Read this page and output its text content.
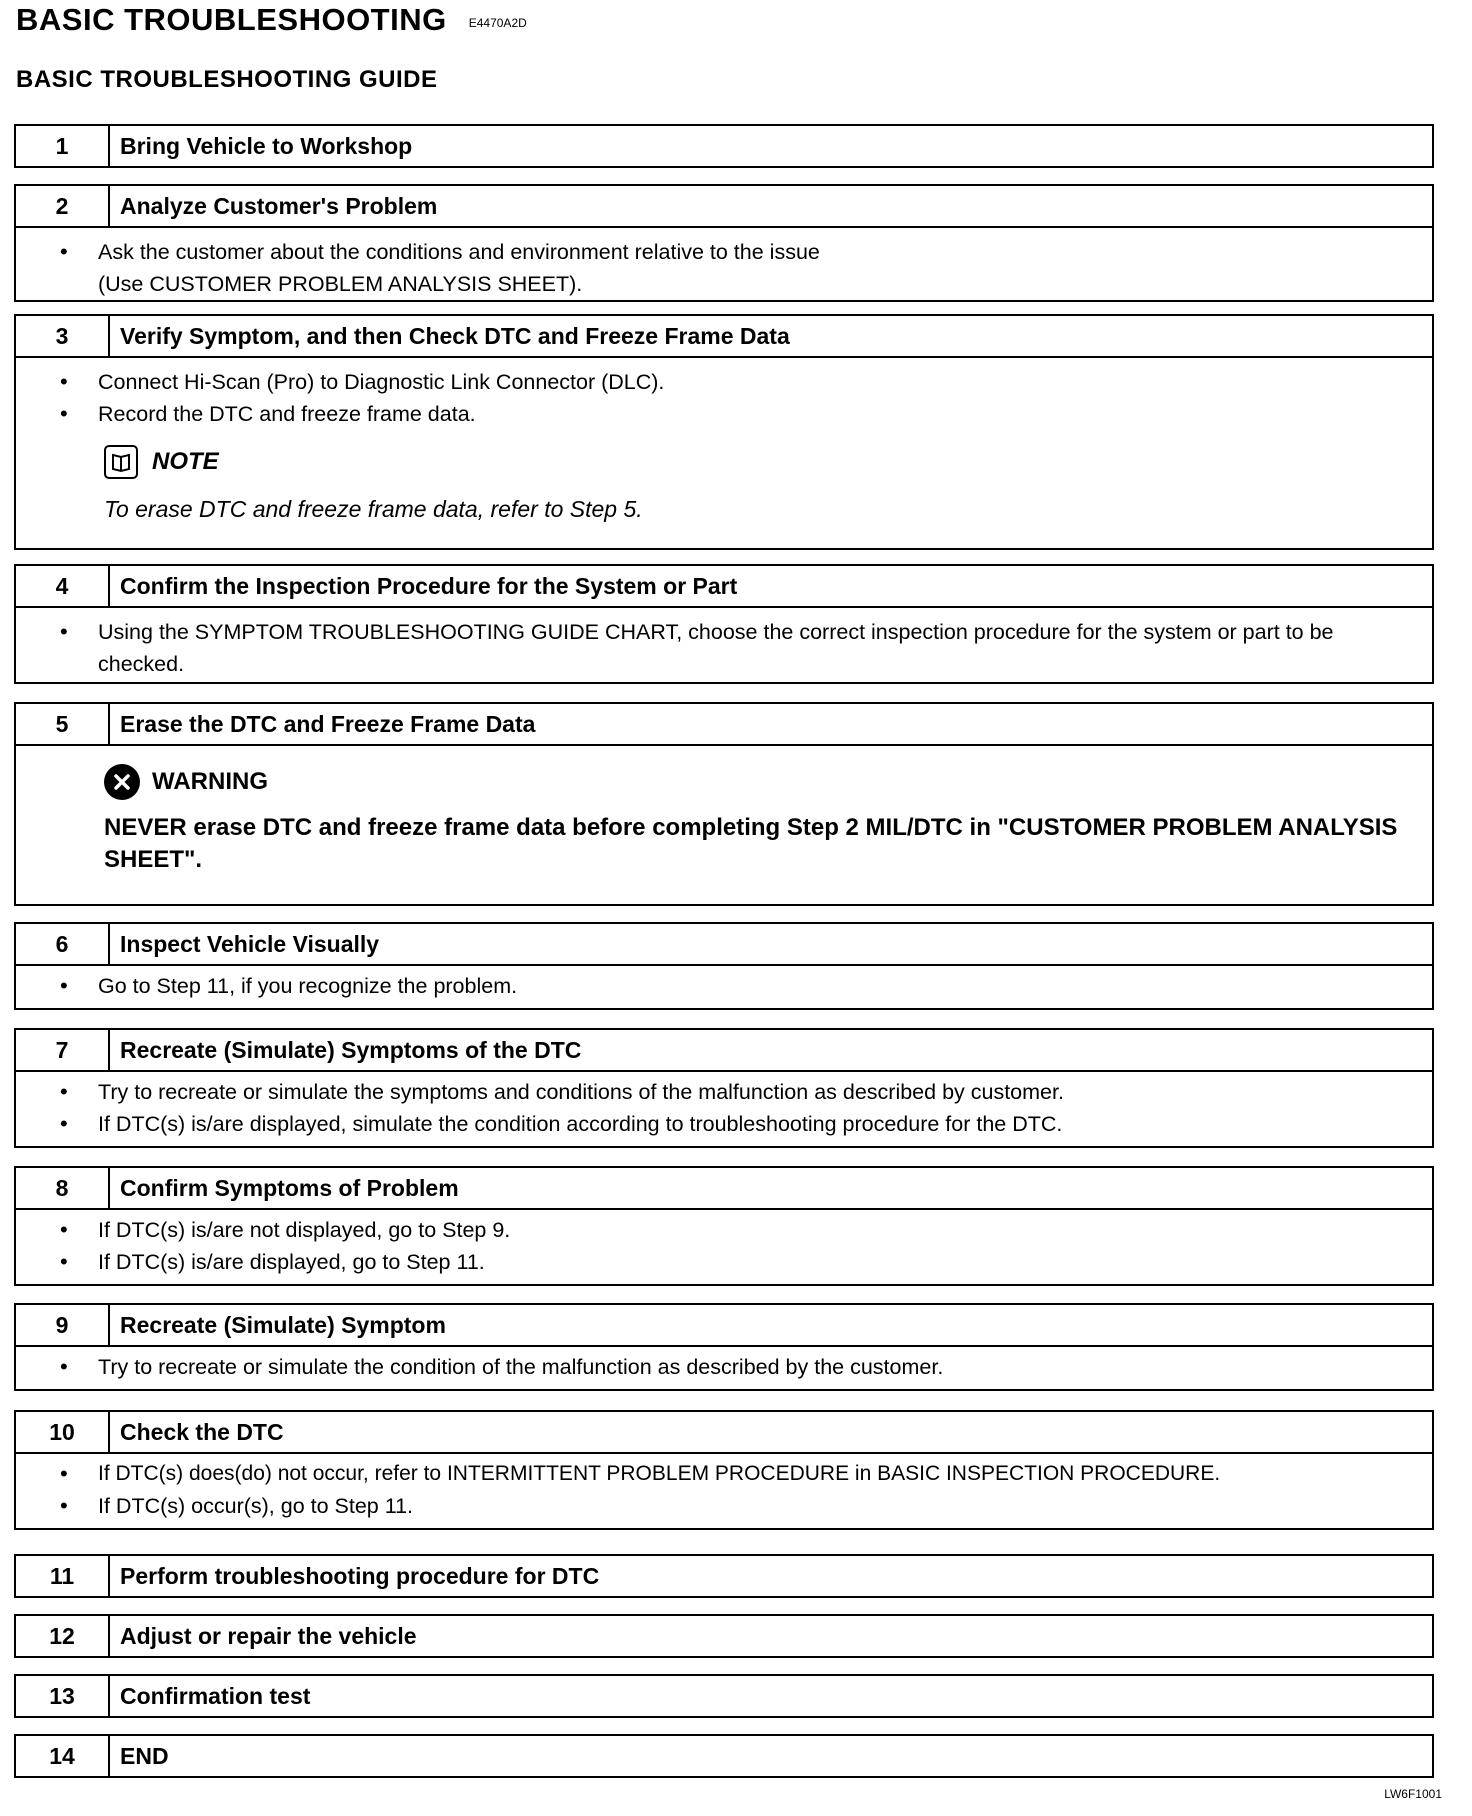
BASIC TROUBLESHOOTING E4470A2D
BASIC TROUBLESHOOTING GUIDE
1	Bring Vehicle to Workshop
2	Analyze Customer's Problem
• Ask the customer about the conditions and environment relative to the issue
(Use CUSTOMER PROBLEM ANALYSIS SHEET).
3	Verify Symptom, and then Check DTC and Freeze Frame Data
• Connect Hi-Scan (Pro) to Diagnostic Link Connector (DLC).
• Record the DTC and freeze frame data.
NOTE
To erase DTC and freeze frame data, refer to Step 5.
4	Confirm the Inspection Procedure for the System or Part
• Using the SYMPTOM TROUBLESHOOTING GUIDE CHART, choose the correct inspection procedure for the system or part to be checked.
5	Erase the DTC and Freeze Frame Data
WARNING
NEVER erase DTC and freeze frame data before completing Step 2 MIL/DTC in "CUSTOMER PROBLEM ANALYSIS SHEET".
6	Inspect Vehicle Visually
• Go to Step 11, if you recognize the problem.
7	Recreate (Simulate) Symptoms of the DTC
• Try to recreate or simulate the symptoms and conditions of the malfunction as described by customer.
• If DTC(s) is/are displayed, simulate the condition according to troubleshooting procedure for the DTC.
8	Confirm Symptoms of Problem
• If DTC(s) is/are not displayed, go to Step 9.
• If DTC(s) is/are displayed, go to Step 11.
9	Recreate (Simulate) Symptom
• Try to recreate or simulate the condition of the malfunction as described by the customer.
10	Check the DTC
• If DTC(s) does(do) not occur, refer to INTERMITTENT PROBLEM PROCEDURE in BASIC INSPECTION PROCEDURE.
• If DTC(s) occur(s), go to Step 11.
11	Perform troubleshooting procedure for DTC
12	Adjust or repair the vehicle
13	Confirmation test
14	END
LW6F1001
